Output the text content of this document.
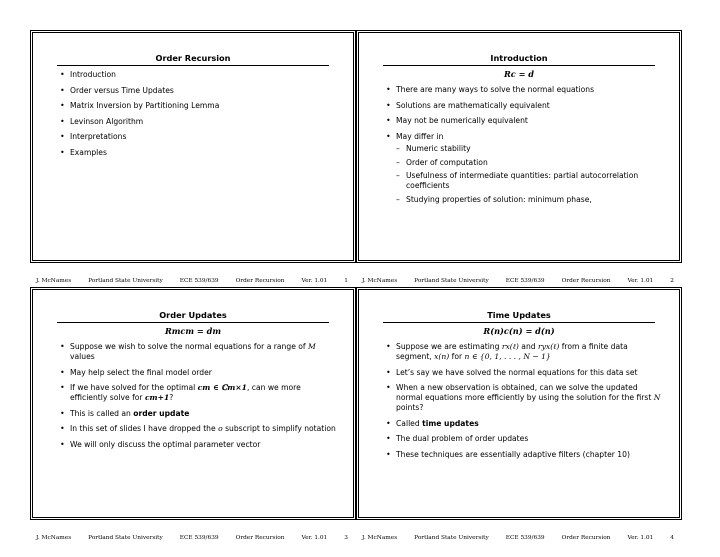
Order Recursion
• Introduction
• Order versus Time Updates
• Matrix Inversion by Partitioning Lemma
• Levinson Algorithm
• Interpretations
• Examples
J. McNames	Portland State University	ECE 539/639	Order Recursion	Ver. 1.01	1
Introduction
Rc = d
• There are many ways to solve the normal equations
• Solutions are mathematically equivalent
• May not be numerically equivalent
• May differ in
– Numeric stability
– Order of computation
– Usefulness of intermediate quantities: partial autocorrelation coefficients
– Studying properties of solution: minimum phase,
J. McNames	Portland State University	ECE 539/639	Order Recursion	Ver. 1.01	2
Order Updates
Rmcm = dm
• Suppose we wish to solve the normal equations for a range of M values
• May help select the final model order
• If we have solved for the optimal cm ∈ ℂm×1, can we more efficiently solve for cm+1?
• This is called an order update
• In this set of slides I have dropped the o subscript to simplify notation
• We will only discuss the optimal parameter vector
J. McNames	Portland State University	ECE 539/639	Order Recursion	Ver. 1.01	3
Time Updates
R(n)c(n) = d(n)
• Suppose we are estimating rx(ℓ) and ryx(ℓ) from a finite data segment, x(n) for n ∈ {0, 1, . . . , N − 1}
• Let’s say we have solved the normal equations for this data set
• When a new observation is obtained, can we solve the updated normal equations more efficiently by using the solution for the first N points?
• Called time updates
• The dual problem of order updates
• These techniques are essentially adaptive filters (chapter 10)
J. McNames	Portland State University	ECE 539/639	Order Recursion	Ver. 1.01	4
